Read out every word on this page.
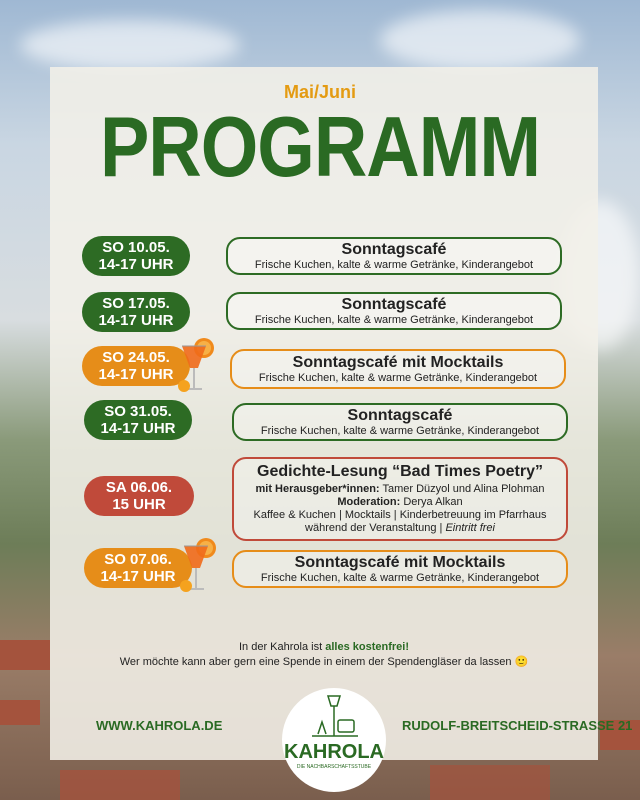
Mai/Juni
PROGRAMM
SO 10.05.
14-17 UHR
Sonntagscafé
Frische Kuchen, kalte & warme Getränke, Kinderangebot
SO 17.05.
14-17 UHR
Sonntagscafé
Frische Kuchen, kalte & warme Getränke, Kinderangebot
SO 24.05.
14-17 UHR
Sonntagscafé mit Mocktails
Frische Kuchen, kalte & warme Getränke, Kinderangebot
SO 31.05.
14-17 UHR
Sonntagscafé
Frische Kuchen, kalte & warme Getränke, Kinderangebot
SA 06.06.
15 UHR
Gedichte-Lesung “Bad Times Poetry”
mit Herausgeber*innen: Tamer Düzyol und Alina Plohman
Moderation: Derya Alkan
Kaffee & Kuchen | Mocktails | Kinderbetreuung im Pfarrhaus
während der Veranstaltung | Eintritt frei
SO 07.06.
14-17 UHR
Sonntagscafé mit Mocktails
Frische Kuchen, kalte & warme Getränke, Kinderangebot
In der Kahrola ist alles kostenfrei!
Wer möchte kann aber gern eine Spende in einem der Spendengläser da lassen 🙂
WWW.KAHROLA.DE	RUDOLF-BREITSCHEID-STRASSE 21
KAHROLA
DIE NACHBARSCHAFTSSTUBE
